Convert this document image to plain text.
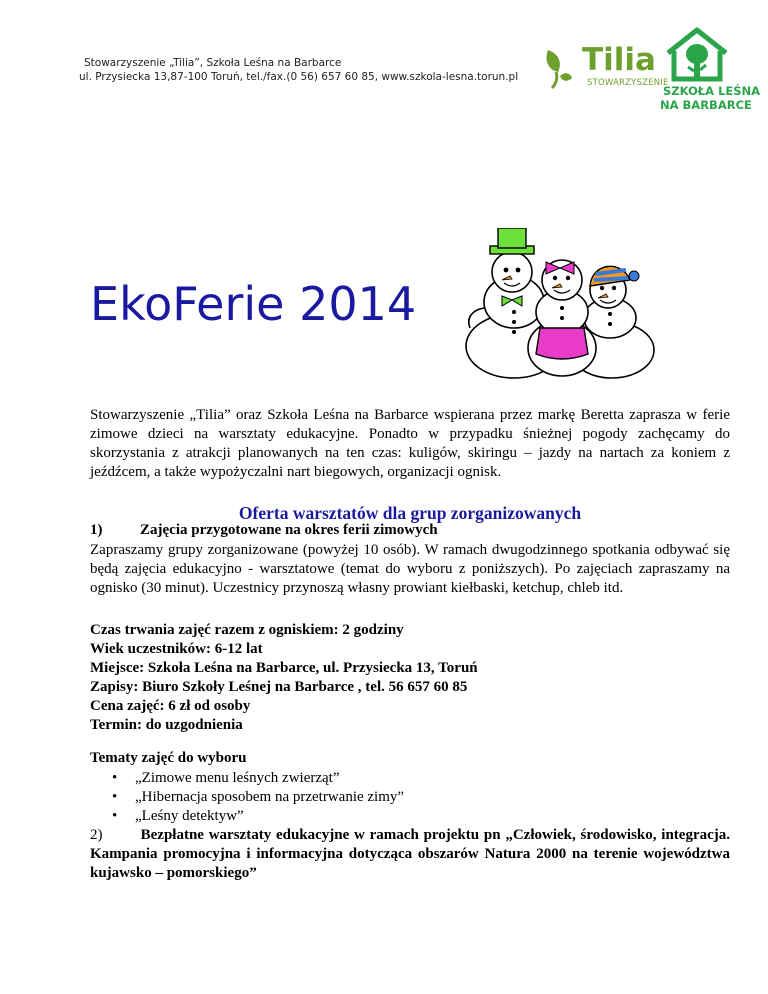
Stowarzyszenie „Tilia”, Szkoła Leśna na Barbarce
ul. Przysiecka 13,87-100 Toruń, tel./fax.(0 56) 657 60 85, www.szkola-lesna.torun.pl Tilia
STOWARZYSZENIE
SZKOŁA LEŚNA
NA BARBARCE
EkoFerie 2014
Stowarzyszenie „Tilia” oraz Szkoła Leśna na Barbarce wspierana przez markę Beretta zaprasza w ferie zimowe dzieci na warsztaty edukacyjne. Ponadto w przypadku śnieżnej pogody zachęcamy do skorzystania z atrakcji planowanych na ten czas: kuligów, skiringu – jazdy na nartach za koniem z jeźdźcem, a także wypożyczalni nart biegowych, organizacji ognisk.
Oferta warsztatów dla grup zorganizowanych
1)	Zajęcia przygotowane na okres ferii zimowych
Zapraszamy grupy zorganizowane (powyżej 10 osób). W ramach dwugodzinnego spotkania odbywać się będą zajęcia edukacyjno - warsztatowe (temat do wyboru z poniższych). Po zajęciach zapraszamy na ognisko (30 minut). Uczestnicy przynoszą własny prowiant kiełbaski, ketchup, chleb itd.
Czas trwania zajęć razem z ogniskiem: 2 godziny
Wiek uczestników: 6-12 lat
Miejsce: Szkoła Leśna na Barbarce, ul. Przysiecka 13, Toruń
Zapisy: Biuro Szkoły Leśnej na Barbarce , tel. 56 657 60 85
Cena zajęć: 6 zł od osoby
Termin: do uzgodnienia
Tematy zajęć do wyboru
• „Zimowe menu leśnych zwierząt”
• „Hibernacja sposobem na przetrwanie zimy”
• „Leśny detektyw”
2)	Bezpłatne warsztaty edukacyjne w ramach projektu pn „Człowiek, środowisko, integracja. Kampania promocyjna i informacyjna dotycząca obszarów Natura 2000 na terenie województwa kujawsko – pomorskiego”
